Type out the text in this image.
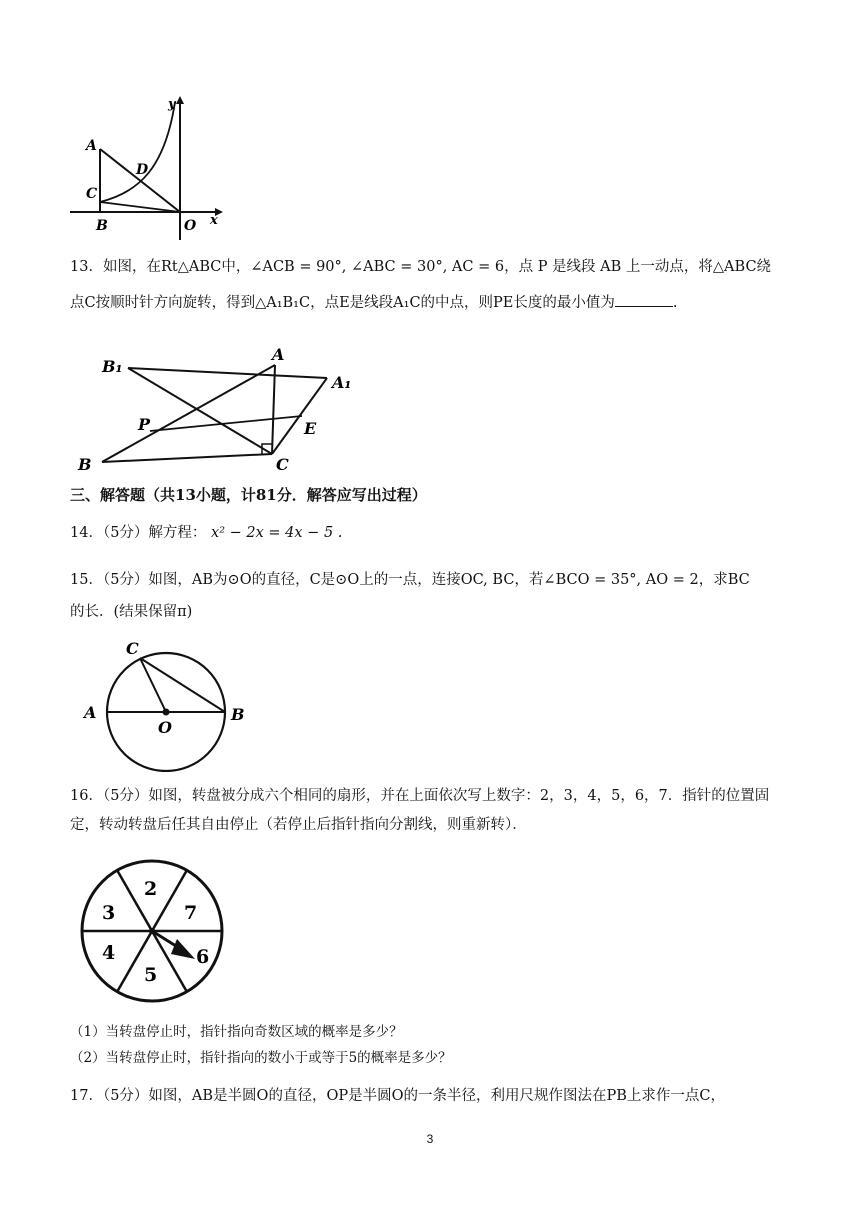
A
D
C
B	O x
y
13．如图，在Rt△ABC中，∠ACB = 90°, ∠ABC = 30°, AC = 6，点 P 是线段 AB 上一动点，将△ABC绕
点C按顺时针方向旋转，得到△A₁B₁C，点E是线段A₁C的中点，则PE长度的最小值为	.
B₁
A
A₁
P	E
B	C
三、解答题（共13小题，计81分．解答应写出过程）
14．（5分）解方程： x² − 2x = 4x − 5 .
15．（5分）如图，AB为⊙O的直径，C是⊙O上的一点，连接OC, BC，若∠BCO = 35°, AO = 2，求BC
的长．(结果保留π)
C
A
O
B
16．（5分）如图，转盘被分成六个相同的扇形，并在上面依次写上数字：2，3，4，5，6，7．指针的位置固
定，转动转盘后任其自由停止（若停止后指针指向分割线，则重新转）．
2
7
6
5
4
3
（1）当转盘停止时，指针指向奇数区域的概率是多少？
（2）当转盘停止时，指针指向的数小于或等于5的概率是多少？
17．（5分）如图，AB是半圆O的直径，OP是半圆O的一条半径，利用尺规作图法在PB上求作一点C，
3
